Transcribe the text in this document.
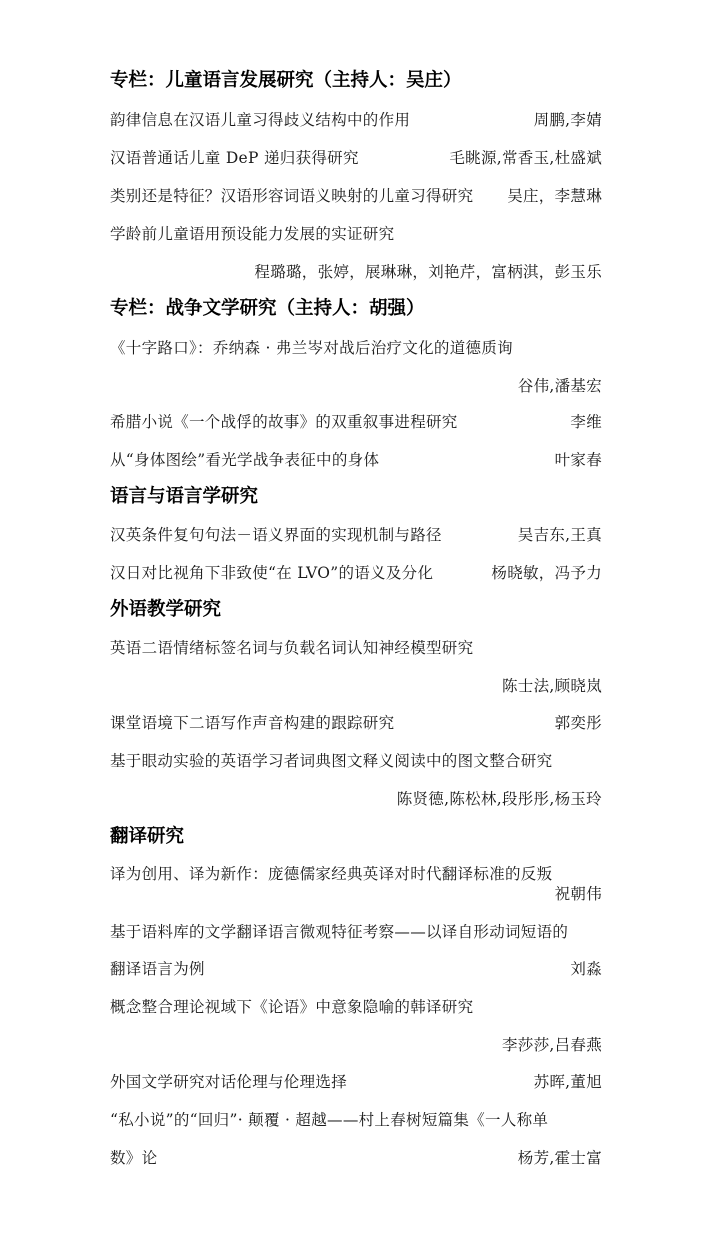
专栏：儿童语言发展研究（主持人：吴庄）
韵律信息在汉语儿童习得歧义结构中的作用	周鹏,李婧
汉语普通话儿童 DeP 递归获得研究	毛眺源,常香玉,杜盛斌
类别还是特征？汉语形容词语义映射的儿童习得研究 吴庄，李慧琳
学龄前儿童语用预设能力发展的实证研究
程璐璐，张婷，展琳琳，刘艳芹，富柄淇，彭玉乐
专栏：战争文学研究（主持人：胡强）
《十字路口》：乔纳森 · 弗兰岑对战后治疗文化的道德质询
谷伟,潘基宏
希腊小说《一个战俘的故事》的双重叙事进程研究	李维
从“身体图绘”看光学战争表征中的身体	叶家春
语言与语言学研究
汉英条件复句句法－语义界面的实现机制与路径	吴吉东,王真
汉日对比视角下非致使“在 LVO”的语义及分化	杨晓敏，冯予力
外语教学研究
英语二语情绪标签名词与负载名词认知神经模型研究
陈士法,顾晓岚
课堂语境下二语写作声音构建的跟踪研究	郭奕彤
基于眼动实验的英语学习者词典图文释义阅读中的图文整合研究
陈贤德,陈松林,段彤彤,杨玉玲
翻译研究
译为创用、译为新作：庞德儒家经典英译对时代翻译标准的反叛
祝朝伟
基于语料库的文学翻译语言微观特征考察——以译自形动词短语的
翻译语言为例	刘淼
概念整合理论视域下《论语》中意象隐喻的韩译研究
李莎莎,吕春燕
外国文学研究对话伦理与伦理选择	苏晖,董旭
“私小说”的“回归”· 颠覆 · 超越——村上春树短篇集《一人称单
数》论	杨芳,霍士富
